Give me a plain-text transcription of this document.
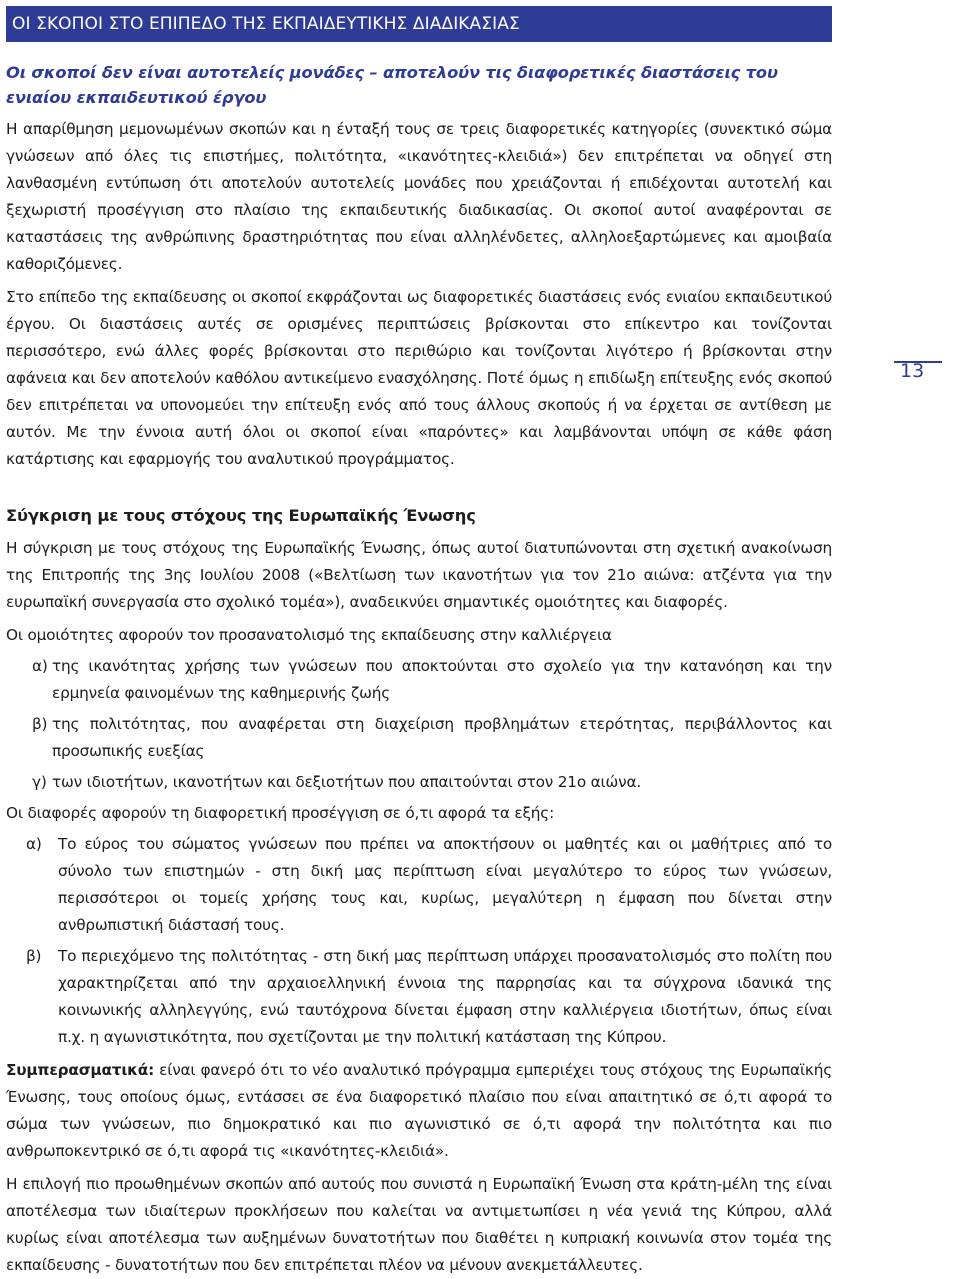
ΟΙ ΣΚΟΠΟΙ ΣΤΟ ΕΠΙΠΕΔΟ ΤΗΣ ΕΚΠΑΙΔΕΥΤΙΚΗΣ ΔΙΑΔΙΚΑΣΙΑΣ
Οι σκοποί δεν είναι αυτοτελείς μονάδες – αποτελούν τις διαφορετικές διαστάσεις του ενιαίου εκπαιδευτικού έργου

Η απαρίθμηση μεμονωμένων σκοπών και η ένταξή τους σε τρεις διαφορετικές κατηγορίες (συνεκτικό σώμα γνώσεων από όλες τις επιστήμες, πολιτότητα, «ικανότητες-κλειδιά») δεν επιτρέπεται να οδηγεί στη λανθασμένη εντύπωση ότι αποτελούν αυτοτελείς μονάδες που χρειάζονται ή επιδέχονται αυτοτελή και ξεχωριστή προσέγγιση στο πλαίσιο της εκπαιδευτικής διαδικασίας. Οι σκοποί αυτοί αναφέρονται σε καταστάσεις της ανθρώπινης δραστηριότητας που είναι αλληλένδετες, αλληλοεξαρτώμενες και αμοιβαία καθοριζόμενες.

Στο επίπεδο της εκπαίδευσης οι σκοποί εκφράζονται ως διαφορετικές διαστάσεις ενός ενιαίου εκπαιδευτικού έργου. Οι διαστάσεις αυτές σε ορισμένες περιπτώσεις βρίσκονται στο επίκεντρο και τονίζονται περισσότερο, ενώ άλλες φορές βρίσκονται στο περιθώριο και τονίζονται λιγότερο ή βρίσκονται στην αφάνεια και δεν αποτελούν καθόλου αντικείμενο ενασχόλησης. Ποτέ όμως η επιδίωξη επίτευξης ενός σκοπού δεν επιτρέπεται να υπονομεύει την επίτευξη ενός από τους άλλους σκοπούς ή να έρχεται σε αντίθεση με αυτόν. Με την έννοια αυτή όλοι οι σκοποί είναι «παρόντες» και λαμβάνονται υπόψη σε κάθε φάση κατάρτισης και εφαρμογής του αναλυτικού προγράμματος.

Σύγκριση με τους στόχους της Ευρωπαϊκής Ένωσης

Η σύγκριση με τους στόχους της Ευρωπαϊκής Ένωσης, όπως αυτοί διατυπώνονται στη σχετική ανακοίνωση της Επιτροπής της 3ης Ιουλίου 2008 («Βελτίωση των ικανοτήτων για τον 21ο αιώνα: ατζέντα για την ευρωπαϊκή συνεργασία στο σχολικό τομέα»), αναδεικνύει σημαντικές ομοιότητες και διαφορές.

Οι ομοιότητες αφορούν τον προσανατολισμό της εκπαίδευσης στην καλλιέργεια

α) της ικανότητας χρήσης των γνώσεων που αποκτούνται στο σχολείο για την κατανόηση και την ερμηνεία φαινομένων της καθημερινής ζωής
β) της πολιτότητας, που αναφέρεται στη διαχείριση προβλημάτων ετερότητας, περιβάλλοντος και προσωπικής ευεξίας
γ) των ιδιοτήτων, ικανοτήτων και δεξιοτήτων που απαιτούνται στον 21ο αιώνα.

Οι διαφορές αφορούν τη διαφορετική προσέγγιση σε ό,τι αφορά τα εξής:

α)	Το εύρος του σώματος γνώσεων που πρέπει να αποκτήσουν οι μαθητές και οι μαθήτριες από το σύνολο των επιστημών - στη δική μας περίπτωση είναι μεγαλύτερο το εύρος των γνώσεων, περισσότεροι οι τομείς χρήσης τους και, κυρίως, μεγαλύτερη η έμφαση που δίνεται στην ανθρωπιστική διάστασή τους.
β)	Το περιεχόμενο της πολιτότητας - στη δική μας περίπτωση υπάρχει προσανατολισμός στο πολίτη που χαρακτηρίζεται από την αρχαιοελληνική έννοια της παρρησίας και τα σύγχρονα ιδανικά της κοινωνικής αλληλεγγύης, ενώ ταυτόχρονα δίνεται έμφαση στην καλλιέργεια ιδιοτήτων, όπως είναι π.χ. η αγωνιστικότητα, που σχετίζονται με την πολιτική κατάσταση της Κύπρου.

Συμπερασματικά: είναι φανερό ότι το νέο αναλυτικό πρόγραμμα εμπεριέχει τους στόχους της Ευρωπαϊκής Ένωσης, τους οποίους όμως, εντάσσει σε ένα διαφορετικό πλαίσιο που είναι απαιτητικό σε ό,τι αφορά το σώμα των γνώσεων, πιο δημοκρατικό και πιο αγωνιστικό σε ό,τι αφορά την πολιτότητα και πιο ανθρωποκεντρικό σε ό,τι αφορά τις «ικανότητες-κλειδιά».

Η επιλογή πιο προωθημένων σκοπών από αυτούς που συνιστά η Ευρωπαϊκή Ένωση στα κράτη-μέλη της είναι αποτέλεσμα των ιδιαίτερων προκλήσεων που καλείται να αντιμετωπίσει η νέα γενιά της Κύπρου, αλλά κυρίως είναι αποτέλεσμα των αυξημένων δυνατοτήτων που διαθέτει η κυπριακή κοινωνία στον τομέα της εκπαίδευσης - δυνατοτήτων που δεν επιτρέπεται πλέον να μένουν ανεκμετάλλευτες.

13
